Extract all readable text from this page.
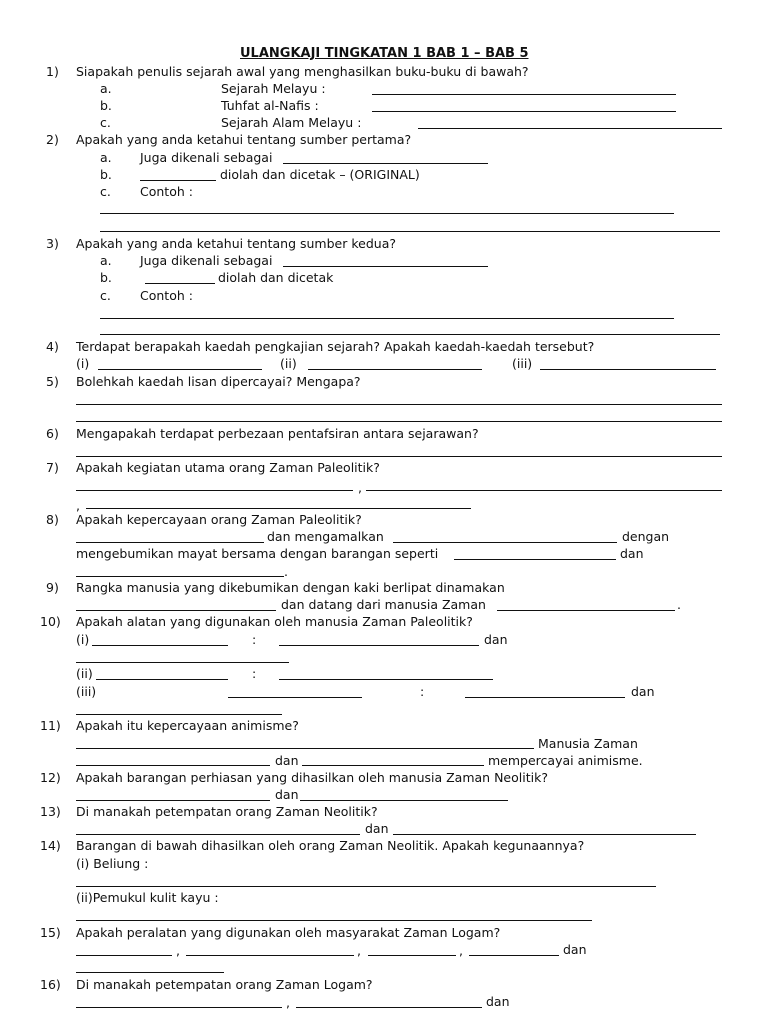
ULANGKAJI TINGKATAN 1 BAB 1 – BAB 5
1) Siapakah penulis sejarah awal yang menghasilkan buku-buku di bawah?
a.	Sejarah Melayu :
b.	Tuhfat al-Nafis :
c.	Sejarah Alam Melayu :
2) Apakah yang anda ketahui tentang sumber pertama?
a. Juga dikenali sebagai
b.	diolah dan dicetak – (ORIGINAL)
c. Contoh :
3) Apakah yang anda ketahui tentang sumber kedua?
a. Juga dikenali sebagai
b.	diolah dan dicetak
c. Contoh :
4) Terdapat berapakah kaedah pengkajian sejarah? Apakah kaedah-kaedah tersebut?
(i)	(ii)	(iii)
5) Bolehkah kaedah lisan dipercayai? Mengapa?
6) Mengapakah terdapat perbezaan pentafsiran antara sejarawan?
7) Apakah kegiatan utama orang Zaman Paleolitik?
,
,
8) Apakah kepercayaan orang Zaman Paleolitik?
dan mengamalkan	dengan
mengebumikan mayat bersama dengan barangan seperti	dan
.
9) Rangka manusia yang dikebumikan dengan kaki berlipat dinamakan
dan datang dari manusia Zaman	.
10) Apakah alatan yang digunakan oleh manusia Zaman Paleolitik?
(i)	:	dan
(ii)	:
(iii)	:	dan
11) Apakah itu kepercayaan animisme?
Manusia Zaman
dan	mempercayai animisme.
12) Apakah barangan perhiasan yang dihasilkan oleh manusia Zaman Neolitik?
dan
13) Di manakah petempatan orang Zaman Neolitik?
dan
14) Barangan di bawah dihasilkan oleh orang Zaman Neolitik. Apakah kegunaannya?
(i) Beliung :
(ii)Pemukul kulit kayu :
15) Apakah peralatan yang digunakan oleh masyarakat Zaman Logam?
,	,	,	dan
16) Di manakah petempatan orang Zaman Logam?
,	dan
